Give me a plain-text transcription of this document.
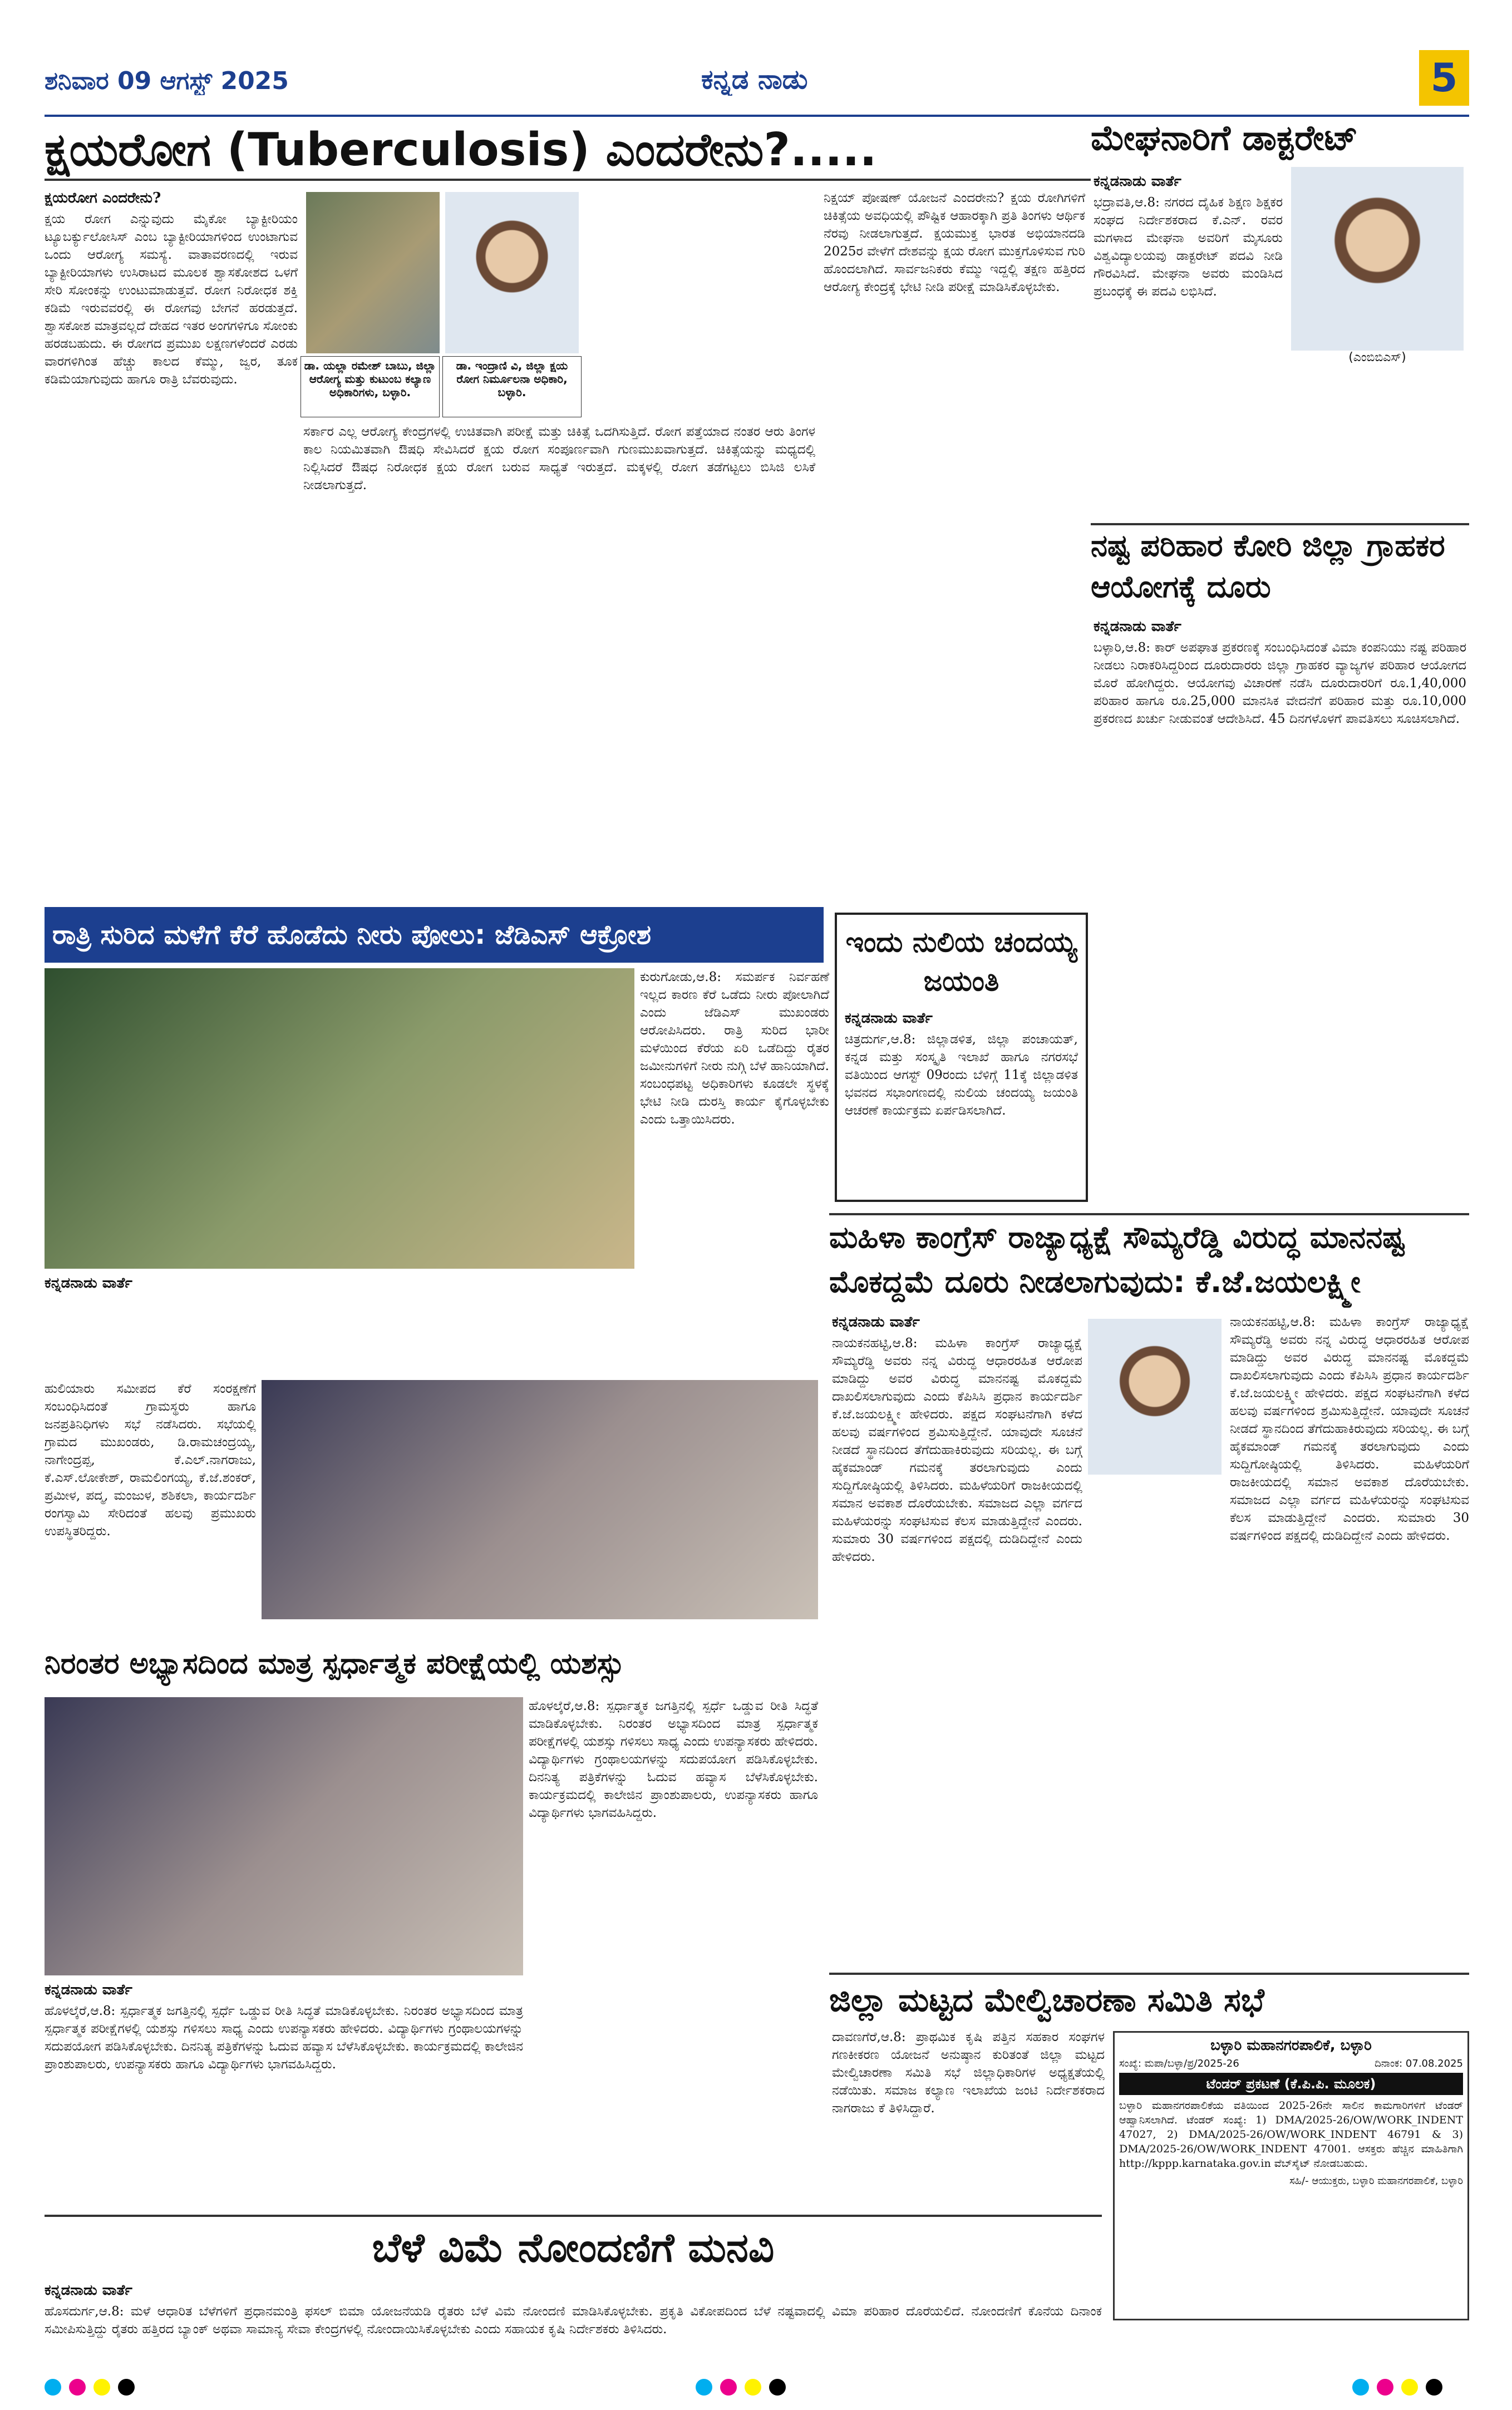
ಶನಿವಾರ 09 ಆಗಸ್ಟ್ 2025	ಕನ್ನಡ ನಾಡು	5
ಕ್ಷಯರೋಗ (Tuberculosis) ಎಂದರೇನು?.....
ಕ್ಷಯರೋಗ ಎಂದರೇನು?
ಕ್ಷಯ ರೋಗ ಎನ್ನುವುದು ಮೈಕೋ ಬ್ಯಾಕ್ಟೀರಿಯಂ ಟ್ಯೂಬರ್ಕ್ಯುಲೋಸಿಸ್ ಎಂಬ ಬ್ಯಾಕ್ಟೀರಿಯಾಗಳಿಂದ ಉಂಟಾಗುವ ಒಂದು ಆರೋಗ್ಯ ಸಮಸ್ಯೆ. ವಾತಾವರಣದಲ್ಲಿ ಇರುವ ಬ್ಯಾಕ್ಟೀರಿಯಾಗಳು ಉಸಿರಾಟದ ಮೂಲಕ ಶ್ವಾಸಕೋಶದ ಒಳಗೆ ಸೇರಿ ಸೋಂಕನ್ನು ಉಂಟುಮಾಡುತ್ತವೆ. ರೋಗ ನಿರೋಧಕ ಶಕ್ತಿ ಕಡಿಮೆ ಇರುವವರಲ್ಲಿ ಈ ರೋಗವು ಬೇಗನೆ ಹರಡುತ್ತದೆ. ಶ್ವಾಸಕೋಶ ಮಾತ್ರವಲ್ಲದೆ ದೇಹದ ಇತರ ಅಂಗಗಳಿಗೂ ಸೋಂಕು ಹರಡಬಹುದು. ಈ ರೋಗದ ಪ್ರಮುಖ ಲಕ್ಷಣಗಳೆಂದರೆ ಎರಡು ವಾರಗಳಿಗಿಂತ ಹೆಚ್ಚು ಕಾಲದ ಕೆಮ್ಮು, ಜ್ವರ, ತೂಕ ಕಡಿಮೆಯಾಗುವುದು ಹಾಗೂ ರಾತ್ರಿ ಬೆವರುವುದು.
ಡಾ. ಯಲ್ಲಾ ರಮೇಶ್ ಬಾಬು, ಜಿಲ್ಲಾ ಆರೋಗ್ಯ ಮತ್ತು ಕುಟುಂಬ ಕಲ್ಯಾಣ ಅಧಿಕಾರಿಗಳು, ಬಳ್ಳಾರಿ.
ಡಾ. ಇಂದ್ರಾಣಿ ವಿ, ಜಿಲ್ಲಾ ಕ್ಷಯ ರೋಗ ನಿರ್ಮೂಲನಾ ಅಧಿಕಾರಿ, ಬಳ್ಳಾರಿ.
ಸರ್ಕಾರ ಎಲ್ಲ ಆರೋಗ್ಯ ಕೇಂದ್ರಗಳಲ್ಲಿ ಉಚಿತವಾಗಿ ಪರೀಕ್ಷೆ ಮತ್ತು ಚಿಕಿತ್ಸೆ ಒದಗಿಸುತ್ತಿದೆ. ರೋಗ ಪತ್ತೆಯಾದ ನಂತರ ಆರು ತಿಂಗಳ ಕಾಲ ನಿಯಮಿತವಾಗಿ ಔಷಧಿ ಸೇವಿಸಿದರೆ ಕ್ಷಯ ರೋಗ ಸಂಪೂರ್ಣವಾಗಿ ಗುಣಮುಖವಾಗುತ್ತದೆ. ಚಿಕಿತ್ಸೆಯನ್ನು ಮಧ್ಯದಲ್ಲಿ ನಿಲ್ಲಿಸಿದರೆ ಔಷಧ ನಿರೋಧಕ ಕ್ಷಯ ರೋಗ ಬರುವ ಸಾಧ್ಯತೆ ಇರುತ್ತದೆ. ಮಕ್ಕಳಲ್ಲಿ ರೋಗ ತಡೆಗಟ್ಟಲು ಬಿಸಿಜಿ ಲಸಿಕೆ ನೀಡಲಾಗುತ್ತದೆ.
ನಿಕ್ಷಯ್ ಪೋಷಣ್ ಯೋಜನೆ ಎಂದರೇನು? ಕ್ಷಯ ರೋಗಿಗಳಿಗೆ ಚಿಕಿತ್ಸೆಯ ಅವಧಿಯಲ್ಲಿ ಪೌಷ್ಟಿಕ ಆಹಾರಕ್ಕಾಗಿ ಪ್ರತಿ ತಿಂಗಳು ಆರ್ಥಿಕ ನೆರವು ನೀಡಲಾಗುತ್ತದೆ. ಕ್ಷಯಮುಕ್ತ ಭಾರತ ಅಭಿಯಾನದಡಿ 2025ರ ವೇಳೆಗೆ ದೇಶವನ್ನು ಕ್ಷಯ ರೋಗ ಮುಕ್ತಗೊಳಿಸುವ ಗುರಿ ಹೊಂದಲಾಗಿದೆ. ಸಾರ್ವಜನಿಕರು ಕೆಮ್ಮು ಇದ್ದಲ್ಲಿ ತಕ್ಷಣ ಹತ್ತಿರದ ಆರೋಗ್ಯ ಕೇಂದ್ರಕ್ಕೆ ಭೇಟಿ ನೀಡಿ ಪರೀಕ್ಷೆ ಮಾಡಿಸಿಕೊಳ್ಳಬೇಕು.
ಮೇಘನಾರಿಗೆ ಡಾಕ್ಟರೇಟ್
ಕನ್ನಡನಾಡು ವಾರ್ತೆ
ಭದ್ರಾವತಿ,ಆ.8: ನಗರದ ದೈಹಿಕ ಶಿಕ್ಷಣ ಶಿಕ್ಷಕರ ಸಂಘದ ನಿರ್ದೇಶಕರಾದ ಕೆ.ಎನ್. ರವರ ಮಗಳಾದ ಮೇಘನಾ ಅವರಿಗೆ ಮೈಸೂರು ವಿಶ್ವವಿದ್ಯಾಲಯವು ಡಾಕ್ಟರೇಟ್ ಪದವಿ ನೀಡಿ ಗೌರವಿಸಿದೆ. ಮೇಘನಾ ಅವರು ಮಂಡಿಸಿದ ಪ್ರಬಂಧಕ್ಕೆ ಈ ಪದವಿ ಲಭಿಸಿದೆ.
(ಎಂಬಿಬಿಎಸ್)
ನಷ್ಟ ಪರಿಹಾರ ಕೋರಿ ಜಿಲ್ಲಾ ಗ್ರಾಹಕರ ಆಯೋಗಕ್ಕೆ ದೂರು
ಕನ್ನಡನಾಡು ವಾರ್ತೆ
ಬಳ್ಳಾರಿ,ಆ.8: ಕಾರ್ ಅಪಘಾತ ಪ್ರಕರಣಕ್ಕೆ ಸಂಬಂಧಿಸಿದಂತೆ ವಿಮಾ ಕಂಪನಿಯು ನಷ್ಟ ಪರಿಹಾರ ನೀಡಲು ನಿರಾಕರಿಸಿದ್ದರಿಂದ ದೂರುದಾರರು ಜಿಲ್ಲಾ ಗ್ರಾಹಕರ ವ್ಯಾಜ್ಯಗಳ ಪರಿಹಾರ ಆಯೋಗದ ಮೊರೆ ಹೋಗಿದ್ದರು. ಆಯೋಗವು ವಿಚಾರಣೆ ನಡೆಸಿ ದೂರುದಾರರಿಗೆ ರೂ.1,40,000 ಪರಿಹಾರ ಹಾಗೂ ರೂ.25,000 ಮಾನಸಿಕ ವೇದನೆಗೆ ಪರಿಹಾರ ಮತ್ತು ರೂ.10,000 ಪ್ರಕರಣದ ಖರ್ಚು ನೀಡುವಂತೆ ಆದೇಶಿಸಿದೆ. 45 ದಿನಗಳೊಳಗೆ ಪಾವತಿಸಲು ಸೂಚಿಸಲಾಗಿದೆ.
ರಾತ್ರಿ ಸುರಿದ ಮಳೆಗೆ ಕೆರೆ ಹೊಡೆದು ನೀರು ಪೋಲು: ಜೆಡಿಎಸ್ ಆಕ್ರೋಶ
ಕನ್ನಡನಾಡು ವಾರ್ತೆ
ಕುರುಗೋಡು,ಆ.8: ಸಮರ್ಪಕ ನಿರ್ವಹಣೆ ಇಲ್ಲದ ಕಾರಣ ಕೆರೆ ಒಡೆದು ನೀರು ಪೋಲಾಗಿದೆ ಎಂದು ಜೆಡಿಎಸ್ ಮುಖಂಡರು ಆರೋಪಿಸಿದರು. ರಾತ್ರಿ ಸುರಿದ ಭಾರೀ ಮಳೆಯಿಂದ ಕೆರೆಯ ಏರಿ ಒಡೆದಿದ್ದು ರೈತರ ಜಮೀನುಗಳಿಗೆ ನೀರು ನುಗ್ಗಿ ಬೆಳೆ ಹಾನಿಯಾಗಿದೆ. ಸಂಬಂಧಪಟ್ಟ ಅಧಿಕಾರಿಗಳು ಕೂಡಲೇ ಸ್ಥಳಕ್ಕೆ ಭೇಟಿ ನೀಡಿ ದುರಸ್ತಿ ಕಾರ್ಯ ಕೈಗೊಳ್ಳಬೇಕು ಎಂದು ಒತ್ತಾಯಿಸಿದರು.
ಇಂದು ನುಲಿಯ ಚಂದಯ್ಯ ಜಯಂತಿ
ಕನ್ನಡನಾಡು ವಾರ್ತೆ
ಚಿತ್ರದುರ್ಗ,ಆ.8: ಜಿಲ್ಲಾಡಳಿತ, ಜಿಲ್ಲಾ ಪಂಚಾಯತ್, ಕನ್ನಡ ಮತ್ತು ಸಂಸ್ಕೃತಿ ಇಲಾಖೆ ಹಾಗೂ ನಗರಸಭೆ ವತಿಯಿಂದ ಆಗಸ್ಟ್ 09ರಂದು ಬೆಳಿಗ್ಗೆ 11ಕ್ಕೆ ಜಿಲ್ಲಾಡಳಿತ ಭವನದ ಸಭಾಂಗಣದಲ್ಲಿ ನುಲಿಯ ಚಂದಯ್ಯ ಜಯಂತಿ ಆಚರಣೆ ಕಾರ್ಯಕ್ರಮ ಏರ್ಪಡಿಸಲಾಗಿದೆ.
ಹುಲಿಯಾರು ಸಮೀಪದ ಕೆರೆ ಸಂರಕ್ಷಣೆಗೆ ಸಂಬಂಧಿಸಿದಂತೆ ಗ್ರಾಮಸ್ಥರು ಹಾಗೂ ಜನಪ್ರತಿನಿಧಿಗಳು ಸಭೆ ನಡೆಸಿದರು. ಸಭೆಯಲ್ಲಿ ಗ್ರಾಮದ ಮುಖಂಡರು, ಡಿ.ರಾಮಚಂದ್ರಯ್ಯ, ನಾಗೇಂದ್ರಪ್ಪ, ಕೆ.ಎಲ್.ನಾಗರಾಜು, ಕೆ.ಎಸ್.ಲೋಕೇಶ್, ರಾಮಲಿಂಗಯ್ಯ, ಕೆ.ಜೆ.ಶಂಕರ್, ಪ್ರಮೀಳ, ಪದ್ಮ, ಮಂಜುಳ, ಶಶಿಕಲಾ, ಕಾರ್ಯದರ್ಶಿ ರಂಗಸ್ವಾಮಿ ಸೇರಿದಂತೆ ಹಲವು ಪ್ರಮುಖರು ಉಪಸ್ಥಿತರಿದ್ದರು.
ಮಹಿಳಾ ಕಾಂಗ್ರೆಸ್ ರಾಜ್ಯಾಧ್ಯಕ್ಷೆ ಸೌಮ್ಯರೆಡ್ಡಿ ವಿರುದ್ಧ ಮಾನನಷ್ಟ ಮೊಕದ್ದಮೆ ದೂರು ನೀಡಲಾಗುವುದು: ಕೆ.ಜೆ.ಜಯಲಕ್ಷ್ಮೀ
ಕನ್ನಡನಾಡು ವಾರ್ತೆ
ನಾಯಕನಹಟ್ಟಿ,ಆ.8: ಮಹಿಳಾ ಕಾಂಗ್ರೆಸ್ ರಾಜ್ಯಾಧ್ಯಕ್ಷೆ ಸೌಮ್ಯರೆಡ್ಡಿ ಅವರು ನನ್ನ ವಿರುದ್ಧ ಆಧಾರರಹಿತ ಆರೋಪ ಮಾಡಿದ್ದು ಅವರ ವಿರುದ್ಧ ಮಾನನಷ್ಟ ಮೊಕದ್ದಮೆ ದಾಖಲಿಸಲಾಗುವುದು ಎಂದು ಕೆಪಿಸಿಸಿ ಪ್ರಧಾನ ಕಾರ್ಯದರ್ಶಿ ಕೆ.ಜೆ.ಜಯಲಕ್ಷ್ಮೀ ಹೇಳಿದರು. ಪಕ್ಷದ ಸಂಘಟನೆಗಾಗಿ ಕಳೆದ ಹಲವು ವರ್ಷಗಳಿಂದ ಶ್ರಮಿಸುತ್ತಿದ್ದೇನೆ. ಯಾವುದೇ ಸೂಚನೆ ನೀಡದೆ ಸ್ಥಾನದಿಂದ ತೆಗೆದುಹಾಕಿರುವುದು ಸರಿಯಲ್ಲ. ಈ ಬಗ್ಗೆ ಹೈಕಮಾಂಡ್ ಗಮನಕ್ಕೆ ತರಲಾಗುವುದು ಎಂದು ಸುದ್ದಿಗೋಷ್ಠಿಯಲ್ಲಿ ತಿಳಿಸಿದರು. ಮಹಿಳೆಯರಿಗೆ ರಾಜಕೀಯದಲ್ಲಿ ಸಮಾನ ಅವಕಾಶ ದೊರೆಯಬೇಕು. ಸಮಾಜದ ಎಲ್ಲಾ ವರ್ಗದ ಮಹಿಳೆಯರನ್ನು ಸಂಘಟಿಸುವ ಕೆಲಸ ಮಾಡುತ್ತಿದ್ದೇನೆ ಎಂದರು. ಸುಮಾರು 30 ವರ್ಷಗಳಿಂದ ಪಕ್ಷದಲ್ಲಿ ದುಡಿದಿದ್ದೇನೆ ಎಂದು ಹೇಳಿದರು.
ನಾಯಕನಹಟ್ಟಿ,ಆ.8: ಮಹಿಳಾ ಕಾಂಗ್ರೆಸ್ ರಾಜ್ಯಾಧ್ಯಕ್ಷೆ ಸೌಮ್ಯರೆಡ್ಡಿ ಅವರು ನನ್ನ ವಿರುದ್ಧ ಆಧಾರರಹಿತ ಆರೋಪ ಮಾಡಿದ್ದು ಅವರ ವಿರುದ್ಧ ಮಾನನಷ್ಟ ಮೊಕದ್ದಮೆ ದಾಖಲಿಸಲಾಗುವುದು ಎಂದು ಕೆಪಿಸಿಸಿ ಪ್ರಧಾನ ಕಾರ್ಯದರ್ಶಿ ಕೆ.ಜೆ.ಜಯಲಕ್ಷ್ಮೀ ಹೇಳಿದರು. ಪಕ್ಷದ ಸಂಘಟನೆಗಾಗಿ ಕಳೆದ ಹಲವು ವರ್ಷಗಳಿಂದ ಶ್ರಮಿಸುತ್ತಿದ್ದೇನೆ. ಯಾವುದೇ ಸೂಚನೆ ನೀಡದೆ ಸ್ಥಾನದಿಂದ ತೆಗೆದುಹಾಕಿರುವುದು ಸರಿಯಲ್ಲ. ಈ ಬಗ್ಗೆ ಹೈಕಮಾಂಡ್ ಗಮನಕ್ಕೆ ತರಲಾಗುವುದು ಎಂದು ಸುದ್ದಿಗೋಷ್ಠಿಯಲ್ಲಿ ತಿಳಿಸಿದರು. ಮಹಿಳೆಯರಿಗೆ ರಾಜಕೀಯದಲ್ಲಿ ಸಮಾನ ಅವಕಾಶ ದೊರೆಯಬೇಕು. ಸಮಾಜದ ಎಲ್ಲಾ ವರ್ಗದ ಮಹಿಳೆಯರನ್ನು ಸಂಘಟಿಸುವ ಕೆಲಸ ಮಾಡುತ್ತಿದ್ದೇನೆ ಎಂದರು. ಸುಮಾರು 30 ವರ್ಷಗಳಿಂದ ಪಕ್ಷದಲ್ಲಿ ದುಡಿದಿದ್ದೇನೆ ಎಂದು ಹೇಳಿದರು.
ನಿರಂತರ ಅಭ್ಯಾಸದಿಂದ ಮಾತ್ರ ಸ್ಪರ್ಧಾತ್ಮಕ ಪರೀಕ್ಷೆಯಲ್ಲಿ ಯಶಸ್ಸು
ಹೊಳಲ್ಕೆರೆ,ಆ.8: ಸ್ಪರ್ಧಾತ್ಮಕ ಜಗತ್ತಿನಲ್ಲಿ ಸ್ಪರ್ಧೆ ಒಡ್ಡುವ ರೀತಿ ಸಿದ್ಧತೆ ಮಾಡಿಕೊಳ್ಳಬೇಕು. ನಿರಂತರ ಅಭ್ಯಾಸದಿಂದ ಮಾತ್ರ ಸ್ಪರ್ಧಾತ್ಮಕ ಪರೀಕ್ಷೆಗಳಲ್ಲಿ ಯಶಸ್ಸು ಗಳಿಸಲು ಸಾಧ್ಯ ಎಂದು ಉಪನ್ಯಾಸಕರು ಹೇಳಿದರು. ವಿದ್ಯಾರ್ಥಿಗಳು ಗ್ರಂಥಾಲಯಗಳನ್ನು ಸದುಪಯೋಗ ಪಡಿಸಿಕೊಳ್ಳಬೇಕು. ದಿನನಿತ್ಯ ಪತ್ರಿಕೆಗಳನ್ನು ಓದುವ ಹವ್ಯಾಸ ಬೆಳೆಸಿಕೊಳ್ಳಬೇಕು. ಕಾರ್ಯಕ್ರಮದಲ್ಲಿ ಕಾಲೇಜಿನ ಪ್ರಾಂಶುಪಾಲರು, ಉಪನ್ಯಾಸಕರು ಹಾಗೂ ವಿದ್ಯಾರ್ಥಿಗಳು ಭಾಗವಹಿಸಿದ್ದರು.
ಕನ್ನಡನಾಡು ವಾರ್ತೆ
ಹೊಳಲ್ಕೆರೆ,ಆ.8: ಸ್ಪರ್ಧಾತ್ಮಕ ಜಗತ್ತಿನಲ್ಲಿ ಸ್ಪರ್ಧೆ ಒಡ್ಡುವ ರೀತಿ ಸಿದ್ಧತೆ ಮಾಡಿಕೊಳ್ಳಬೇಕು. ನಿರಂತರ ಅಭ್ಯಾಸದಿಂದ ಮಾತ್ರ ಸ್ಪರ್ಧಾತ್ಮಕ ಪರೀಕ್ಷೆಗಳಲ್ಲಿ ಯಶಸ್ಸು ಗಳಿಸಲು ಸಾಧ್ಯ ಎಂದು ಉಪನ್ಯಾಸಕರು ಹೇಳಿದರು. ವಿದ್ಯಾರ್ಥಿಗಳು ಗ್ರಂಥಾಲಯಗಳನ್ನು ಸದುಪಯೋಗ ಪಡಿಸಿಕೊಳ್ಳಬೇಕು. ದಿನನಿತ್ಯ ಪತ್ರಿಕೆಗಳನ್ನು ಓದುವ ಹವ್ಯಾಸ ಬೆಳೆಸಿಕೊಳ್ಳಬೇಕು. ಕಾರ್ಯಕ್ರಮದಲ್ಲಿ ಕಾಲೇಜಿನ ಪ್ರಾಂಶುಪಾಲರು, ಉಪನ್ಯಾಸಕರು ಹಾಗೂ ವಿದ್ಯಾರ್ಥಿಗಳು ಭಾಗವಹಿಸಿದ್ದರು.
ಜಿಲ್ಲಾ ಮಟ್ಟದ ಮೇಲ್ವಿಚಾರಣಾ ಸಮಿತಿ ಸಭೆ
ದಾವಣಗೆರೆ,ಆ.8: ಪ್ರಾಥಮಿಕ ಕೃಷಿ ಪತ್ತಿನ ಸಹಕಾರ ಸಂಘಗಳ ಗಣಕೀಕರಣ ಯೋಜನೆ ಅನುಷ್ಠಾನ ಕುರಿತಂತೆ ಜಿಲ್ಲಾ ಮಟ್ಟದ ಮೇಲ್ವಿಚಾರಣಾ ಸಮಿತಿ ಸಭೆ ಜಿಲ್ಲಾಧಿಕಾರಿಗಳ ಅಧ್ಯಕ್ಷತೆಯಲ್ಲಿ ನಡೆಯಿತು. ಸಮಾಜ ಕಲ್ಯಾಣ ಇಲಾಖೆಯ ಜಂಟಿ ನಿರ್ದೇಶಕರಾದ ನಾಗರಾಜು ಕೆ ತಿಳಿಸಿದ್ದಾರೆ.
ಬಳ್ಳಾರಿ ಮಹಾನಗರಪಾಲಿಕೆ, ಬಳ್ಳಾರಿ
ಸಂಖ್ಯೆ: ಮಪಾ/ಬಳ್ಳಾ/ಪ್ರ/2025-26	ದಿನಾಂಕ: 07.08.2025
ಟೆಂಡರ್ ಪ್ರಕಟಣೆ (ಕೆ.ಪಿ.ಪಿ. ಮೂಲಕ)
ಬಳ್ಳಾರಿ ಮಹಾನಗರಪಾಲಿಕೆಯ ವತಿಯಿಂದ 2025-26ನೇ ಸಾಲಿನ ಕಾಮಗಾರಿಗಳಿಗೆ ಟೆಂಡರ್ ಆಹ್ವಾನಿಸಲಾಗಿದೆ. ಟೆಂಡರ್ ಸಂಖ್ಯೆ: 1) DMA/2025-26/OW/WORK_INDENT 47027, 2) DMA/2025-26/OW/WORK_INDENT 46791 & 3) DMA/2025-26/OW/WORK_INDENT 47001. ಆಸಕ್ತರು ಹೆಚ್ಚಿನ ಮಾಹಿತಿಗಾಗಿ http://kppp.karnataka.gov.in ವೆಬ್‌ಸೈಟ್ ನೋಡಬಹುದು.
ಸಹಿ/- ಆಯುಕ್ತರು, ಬಳ್ಳಾರಿ ಮಹಾನಗರಪಾಲಿಕೆ, ಬಳ್ಳಾರಿ
ಬೆಳೆ ವಿಮೆ ನೋಂದಣಿಗೆ ಮನವಿ
ಕನ್ನಡನಾಡು ವಾರ್ತೆ
ಹೊಸದುರ್ಗ,ಆ.8: ಮಳೆ ಆಧಾರಿತ ಬೆಳೆಗಳಿಗೆ ಪ್ರಧಾನಮಂತ್ರಿ ಫಸಲ್ ಬಿಮಾ ಯೋಜನೆಯಡಿ ರೈತರು ಬೆಳೆ ವಿಮೆ ನೋಂದಣಿ ಮಾಡಿಸಿಕೊಳ್ಳಬೇಕು. ಪ್ರಕೃತಿ ವಿಕೋಪದಿಂದ ಬೆಳೆ ನಷ್ಟವಾದಲ್ಲಿ ವಿಮಾ ಪರಿಹಾರ ದೊರೆಯಲಿದೆ. ನೋಂದಣಿಗೆ ಕೊನೆಯ ದಿನಾಂಕ ಸಮೀಪಿಸುತ್ತಿದ್ದು ರೈತರು ಹತ್ತಿರದ ಬ್ಯಾಂಕ್ ಅಥವಾ ಸಾಮಾನ್ಯ ಸೇವಾ ಕೇಂದ್ರಗಳಲ್ಲಿ ನೋಂದಾಯಿಸಿಕೊಳ್ಳಬೇಕು ಎಂದು ಸಹಾಯಕ ಕೃಷಿ ನಿರ್ದೇಶಕರು ತಿಳಿಸಿದರು.
